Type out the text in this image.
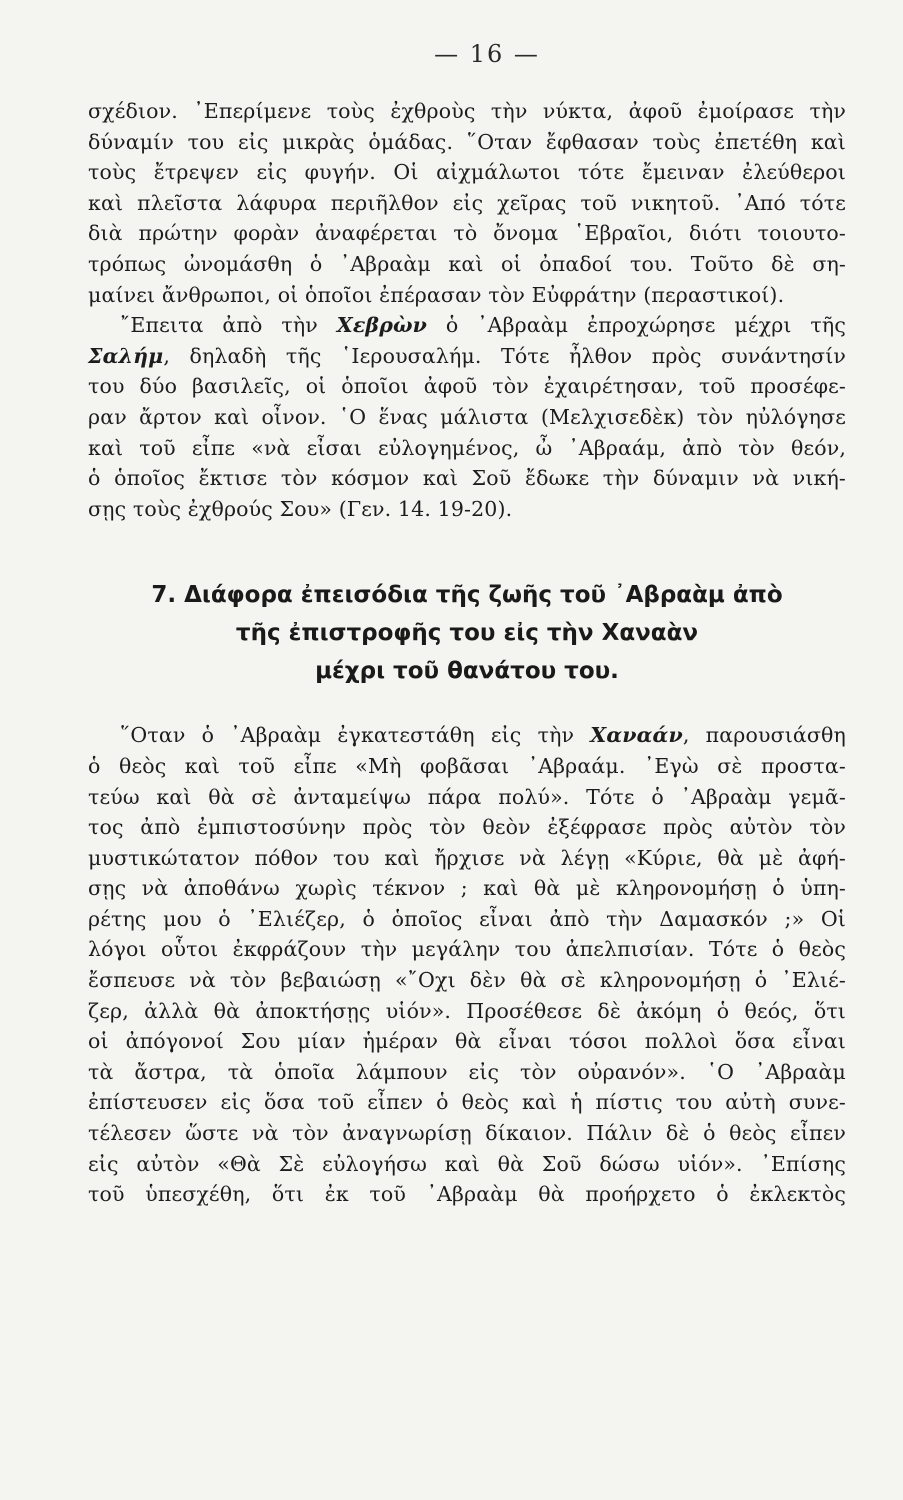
— 16 —

σχέδιον. ᾽Επερίμενε τοὺς ἐχθροὺς τὴν νύκτα, ἀφοῦ ἐμοίρασε τὴν
δύναμίν του εἰς μικρὰς ὁμάδας. ῞Οταν ἔφθασαν τοὺς ἐπετέθη καὶ
τοὺς ἔτρεψεν εἰς φυγήν. Οἱ αἰχμάλωτοι τότε ἔμειναν ἐλεύθεροι
καὶ πλεῖστα λάφυρα περιῆλθον εἰς χεῖρας τοῦ νικητοῦ. ᾽Από τότε
διὰ πρώτην φορὰν ἀναφέρεται τὸ ὄνομα ῾Εβραῖοι, διότι τοιουτο-
τρόπως ὠνομάσθη ὁ ᾽Αβραὰμ καὶ οἱ ὀπαδοί του. Τοῦτο δὲ ση-
μαίνει ἄνθρωποι, οἱ ὁποῖοι ἐπέρασαν τὸν Εὐφράτην (περαστικοί).

῎Επειτα ἀπὸ τὴν Χεβρὼν ὁ ᾽Αβραὰμ ἐπροχώρησε μέχρι τῆς
Σαλήμ, δηλαδὴ τῆς ῾Ιερουσαλήμ. Τότε ἦλθον πρὸς συνάντησίν
του δύο βασιλεῖς, οἱ ὁποῖοι ἀφοῦ τὸν ἐχαιρέτησαν, τοῦ προσέφε-
ραν ἄρτον καὶ οἶνον. ῾Ο ἕνας μάλιστα (Μελχισεδὲκ) τὸν ηὐλόγησε
καὶ τοῦ εἶπε «νὰ εἶσαι εὐλογημένος, ὦ ᾽Αβραάμ, ἀπὸ τὸν θεόν,
ὁ ὁποῖος ἔκτισε τὸν κόσμον καὶ Σοῦ ἔδωκε τὴν δύναμιν νὰ νική-
σῃς τοὺς ἐχθρούς Σου» (Γεν. 14. 19-20).

7. Διάφορα ἐπεισόδια τῆς ζωῆς τοῦ ᾽Αβραὰμ ἀπὸ
τῆς ἐπιστροφῆς του εἰς τὴν Χαναὰν
μέχρι τοῦ θανάτου του.

῞Οταν ὁ ᾽Αβραὰμ ἐγκατεστάθη εἰς τὴν Χαναάν, παρουσιάσθη
ὁ θεὸς καὶ τοῦ εἶπε «Μὴ φοβᾶσαι ᾽Αβραάμ. ᾽Εγὼ σὲ προστα-
τεύω καὶ θὰ σὲ ἀνταμείψω πάρα πολύ». Τότε ὁ ᾽Αβραὰμ γεμᾶ-
τος ἀπὸ ἐμπιστοσύνην πρὸς τὸν θεὸν ἐξέφρασε πρὸς αὐτὸν τὸν
μυστικώτατον πόθον του καὶ ἤρχισε νὰ λέγῃ «Κύριε, θὰ μὲ ἀφή-
σῃς νὰ ἀποθάνω χωρὶς τέκνον ; καὶ θὰ μὲ κληρονομήσῃ ὁ ὑπη-
ρέτης μου ὁ ᾽Ελιέζερ, ὁ ὁποῖος εἶναι ἀπὸ τὴν Δαμασκόν ;» Οἱ
λόγοι οὗτοι ἐκφράζουν τὴν μεγάλην του ἀπελπισίαν. Τότε ὁ θεὸς
ἔσπευσε νὰ τὸν βεβαιώσῃ «῎Οχι δὲν θὰ σὲ κληρονομήσῃ ὁ ᾽Ελιέ-
ζερ, ἀλλὰ θὰ ἀποκτήσῃς υἱόν». Προσέθεσε δὲ ἀκόμη ὁ θεός, ὅτι
οἱ ἀπόγονοί Σου μίαν ἡμέραν θὰ εἶναι τόσοι πολλοὶ ὅσα εἶναι
τὰ ἄστρα, τὰ ὁποῖα λάμπουν εἰς τὸν οὐρανόν». ῾Ο ᾽Αβραὰμ
ἐπίστευσεν εἰς ὅσα τοῦ εἶπεν ὁ θεὸς καὶ ἡ πίστις του αὐτὴ συνε-
τέλεσεν ὥστε νὰ τὸν ἀναγνωρίσῃ δίκαιον. Πάλιν δὲ ὁ θεὸς εἶπεν
εἰς αὐτὸν «Θὰ Σὲ εὐλογήσω καὶ θὰ Σοῦ δώσω υἱόν». ᾽Επίσης
τοῦ ὑπεσχέθη, ὅτι ἐκ τοῦ ᾽Αβραὰμ θὰ προήρχετο ὁ ἐκλεκτὸς
